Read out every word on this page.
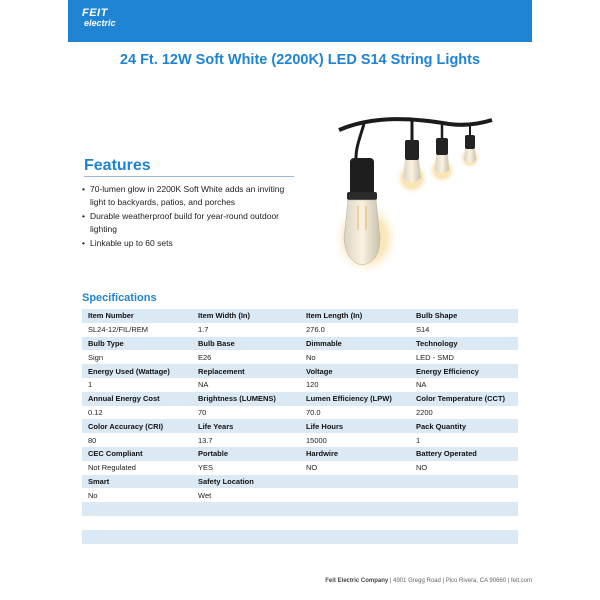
FEIT
electric
24 Ft. 12W Soft White (2200K) LED S14 String Lights
Features
• 70-lumen glow in 2200K Soft White adds an inviting light to backyards, patios, and porches
• Durable weatherproof build for year-round outdoor lighting
• Linkable up to 60 sets
Specifications
Item Number	Item Width (In)	Item Length (In)	Bulb Shape
SL24-12/FIL/REM	1.7	276.0	S14
Bulb Type	Bulb Base	Dimmable	Technology
Sign	E26	No	LED - SMD
Energy Used (Wattage)	Replacement	Voltage	Energy Efficiency
1	NA	120	NA
Annual Energy Cost	Brightness (LUMENS)	Lumen Efficiency (LPW)	Color Temperature (CCT)
0.12	70	70.0	2200
Color Accuracy (CRI)	Life Years	Life Hours	Pack Quantity
80	13.7	15000	1
CEC Compliant	Portable	Hardwire	Battery Operated
Not Regulated	YES	NO	NO
Smart	Safety Location		
No	Wet		

Feit Electric Company | 4901 Gregg Road | Pico Rivera, CA 90660 | feit.com
